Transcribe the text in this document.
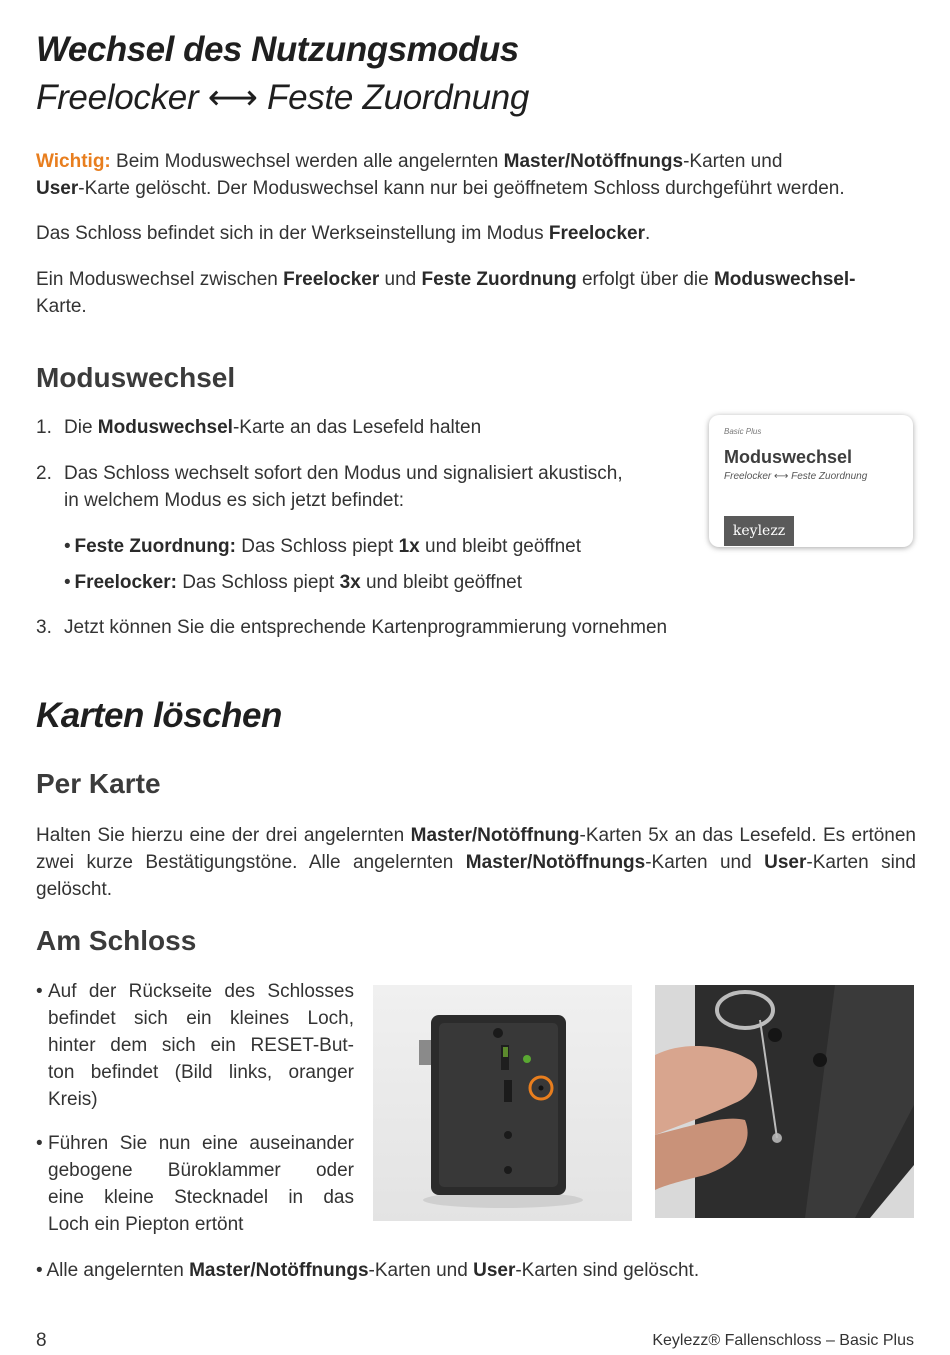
Wechsel des Nutzungsmodus
Freelocker ⟷ Feste Zuordnung
Wichtig: Beim Moduswechsel werden alle angelernten Master/Notöffnungs-Karten und
User-Karte gelöscht. Der Moduswechsel kann nur bei geöffnetem Schloss durchgeführt werden.
Das Schloss befindet sich in der Werkseinstellung im Modus Freelocker.
Ein Moduswechsel zwischen Freelocker und Feste Zuordnung erfolgt über die Moduswechsel-
Karte.
Moduswechsel
1. Die Moduswechsel-Karte an das Lesefeld halten
2. Das Schloss wechselt sofort den Modus und signalisiert akustisch,
in welchem Modus es sich jetzt befindet:
• Feste Zuordnung: Das Schloss piept 1x und bleibt geöffnet
• Freelocker: Das Schloss piept 3x und bleibt geöffnet
3. Jetzt können Sie die entsprechende Kartenprogrammierung vornehmen
Basic Plus
Moduswechsel
Freelocker ⟷ Feste Zuordnung
keylezz
Karten löschen
Per Karte
Halten Sie hierzu eine der drei angelernten Master/Notöffnung-Karten 5x an das Lesefeld. Es ertönen zwei kurze Bestätigungstöne. Alle angelernten Master/Notöffnungs-Karten und User-Karten sind gelöscht.
Am Schloss
• Auf der Rückseite des Schlosses
befindet sich ein kleines Loch,
hinter dem sich ein RESET-But-
ton befindet (Bild links, oranger
Kreis)
• Führen Sie nun eine auseinander
gebogene Büroklammer oder
eine kleine Stecknadel in das
Loch ein Piepton ertönt
• Alle angelernten Master/Notöffnungs-Karten und User-Karten sind gelöscht.
8	Keylezz® Fallenschloss – Basic Plus
